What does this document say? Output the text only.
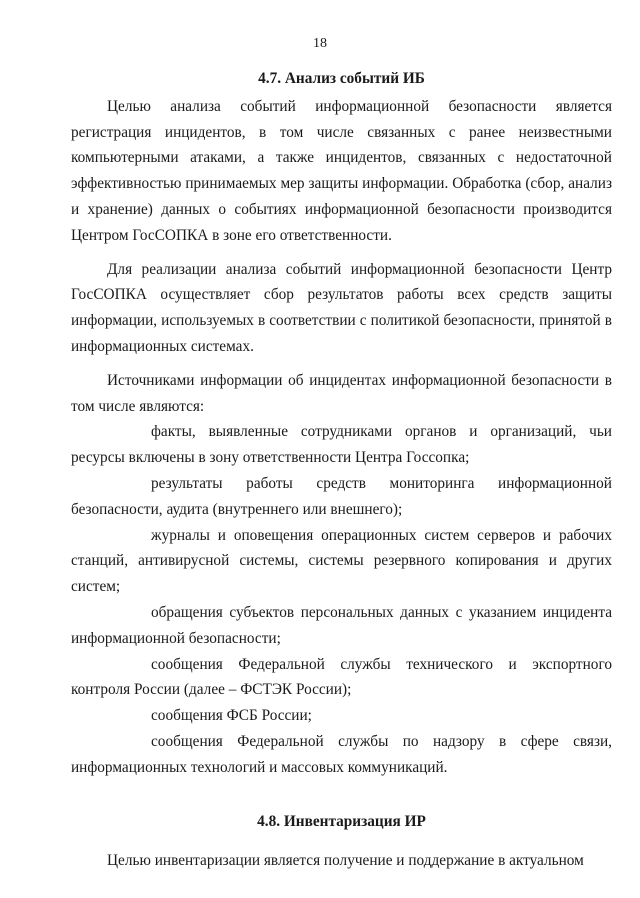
18
4.7. Анализ событий ИБ

Целью анализа событий информационной безопасности является регистрация инцидентов, в том числе связанных с ранее неизвестными компьютерными атаками, а также инцидентов, связанных с недостаточной эффективностью принимаемых мер защиты информации. Обработка (сбор, анализ и хранение) данных о событиях информационной безопасности производится Центром ГосСОПКА в зоне его ответственности.

Для реализации анализа событий информационной безопасности Центр ГосСОПКА осуществляет сбор результатов работы всех средств защиты информации, используемых в соответствии с политикой безопасности, принятой в информационных системах.

Источниками информации об инцидентах информационной безопасности в том числе являются:

факты, выявленные сотрудниками органов и организаций, чьи ресурсы включены в зону ответственности Центра Госсопка;

результаты работы средств мониторинга информационной безопасности, аудита (внутреннего или внешнего);

журналы и оповещения операционных систем серверов и рабочих станций, антивирусной системы, системы резервного копирования и других систем;

обращения субъектов персональных данных с указанием инцидента информационной безопасности;

сообщения Федеральной службы технического и экспортного контроля России (далее – ФСТЭК России);

сообщения ФСБ России;

сообщения Федеральной службы по надзору в сфере связи, информационных технологий и массовых коммуникаций.

4.8. Инвентаризация ИР

Целью инвентаризации является получение и поддержание в актуальном
